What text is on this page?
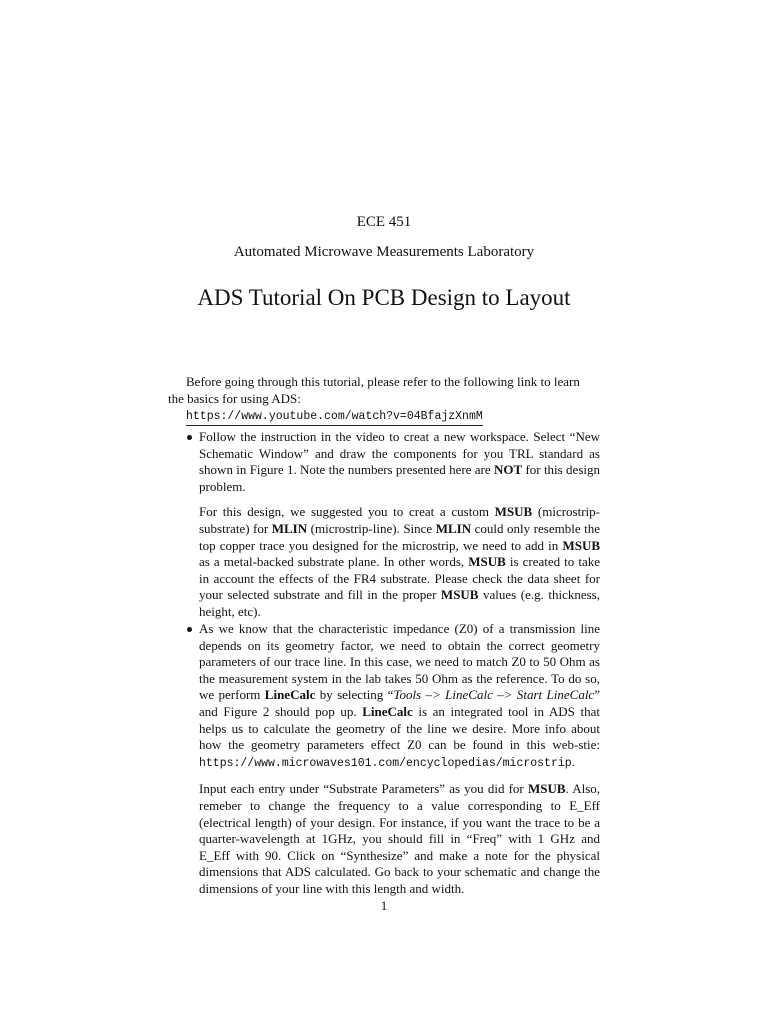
ECE 451
Automated Microwave Measurements Laboratory
ADS Tutorial On PCB Design to Layout
Before going through this tutorial, please refer to the following link to learn
the basics for using ADS:
https://www.youtube.com/watch?v=04BfajzXnmM

Follow the instruction in the video to creat a new workspace. Select “New Schematic Window” and draw the components for you TRL standard as shown in Figure 1. Note the numbers presented here are NOT for this design problem.

For this design, we suggested you to creat a custom MSUB (microstrip-substrate) for MLIN (microstrip-line). Since MLIN could only resemble the top copper trace you designed for the microstrip, we need to add in MSUB as a metal-backed substrate plane. In other words, MSUB is created to take in account the effects of the FR4 substrate. Please check the data sheet for your selected substrate and fill in the proper MSUB values (e.g. thickness, height, etc).

As we know that the characteristic impedance (Z0) of a transmission line depends on its geometry factor, we need to obtain the correct geometry parameters of our trace line. In this case, we need to match Z0 to 50 Ohm as the measurement system in the lab takes 50 Ohm as the reference. To do so, we perform LineCalc by selecting “Tools –> LineCalc –> Start LineCalc” and Figure 2 should pop up. LineCalc is an integrated tool in ADS that helps us to calculate the geometry of the line we desire. More info about how the geometry parameters effect Z0 can be found in this web-stie: https://www.microwaves101.com/encyclopedias/microstrip.

Input each entry under “Substrate Parameters” as you did for MSUB. Also, remeber to change the frequency to a value corresponding to E_Eff (electrical length) of your design. For instance, if you want the trace to be a quarter-wavelength at 1GHz, you should fill in “Freq” with 1 GHz and E_Eff with 90. Click on “Synthesize” and make a note for the physical dimensions that ADS calculated. Go back to your schematic and change the dimensions of your line with this length and width.

1
